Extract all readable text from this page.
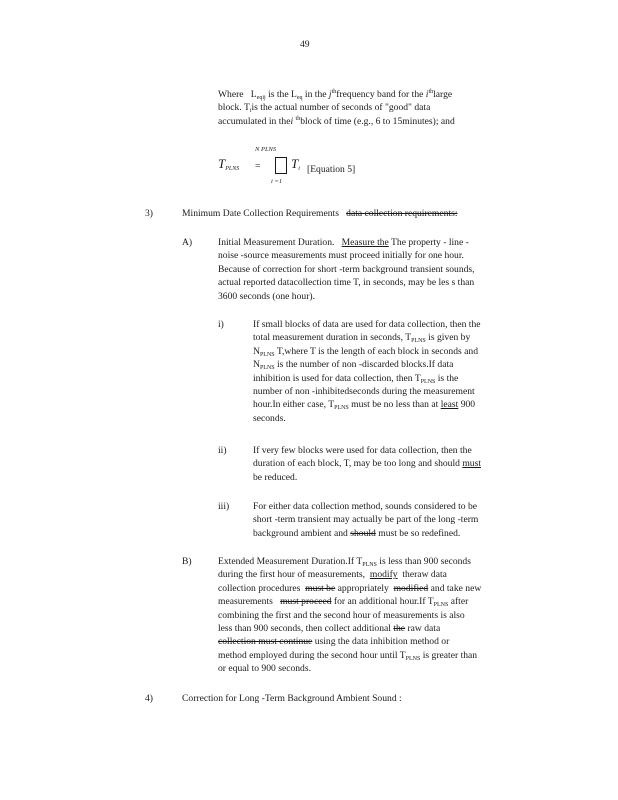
49
Where $L_{eqij}$ is the $L_{eq}$ in the $j^{th}frequency$ band for the $i^{th}large$
block. $T_iis$ the actual number of seconds of "good" data
accumulated in thei $^{th}$block of time (e.g., 6 to 15minutes); and
N PLNS
$T_{PLNS} = T_i$ [Equation 5]
i =1
3)	Minimum Date Collection Requirements data collection requirements:
A)	Initial Measurement Duration. Measure the The property - line -
noise -source measurements must proceed initially for one hour.
Because of correction for short -term background transient sounds,
actual reported datacollection time T, in seconds, may be les s than
3600 seconds (one hour).
i)	If small blocks of data are used for data collection, then the
total measurement duration in seconds, $T_{PLNS}$ is given by
$N_{PLNS}$ T,where T is the length of each block in seconds and
$N_{PLNS}$ is the number of non -discarded blocks.If data
inhibition is used for data collection, then $T_{PLNS}$ is the
number of non -inhibitedseconds during the measurement
hour.In either case, $T_{PLNS}$ must be no less than at least 900
seconds.
ii)	If very few blocks were used for data collection, then the
duration of each block, T, may be too long and should must
be reduced.
iii) For either data collection method, sounds considered to be
short -term transient may actually be part of the long -term
background ambient and should must be so redefined.
B)	Extended Measurement Duration.If $T_{PLNS}$ is less than 900 seconds
during the first hour of measurements, modify theraw data
collection procedures must be appropriately modified and take new
measurements must proceed for an additional hour.If $T_{PLNS}$ after
combining the first and the second hour of measurements is also
less than 900 seconds, then collect additional the raw data
collection must continue using the data inhibition method or
method employed during the second hour until $T_{PLNS}$ is greater than
or equal to 900 seconds.
4)	Correction for Long -Term Background Ambient Sound :
